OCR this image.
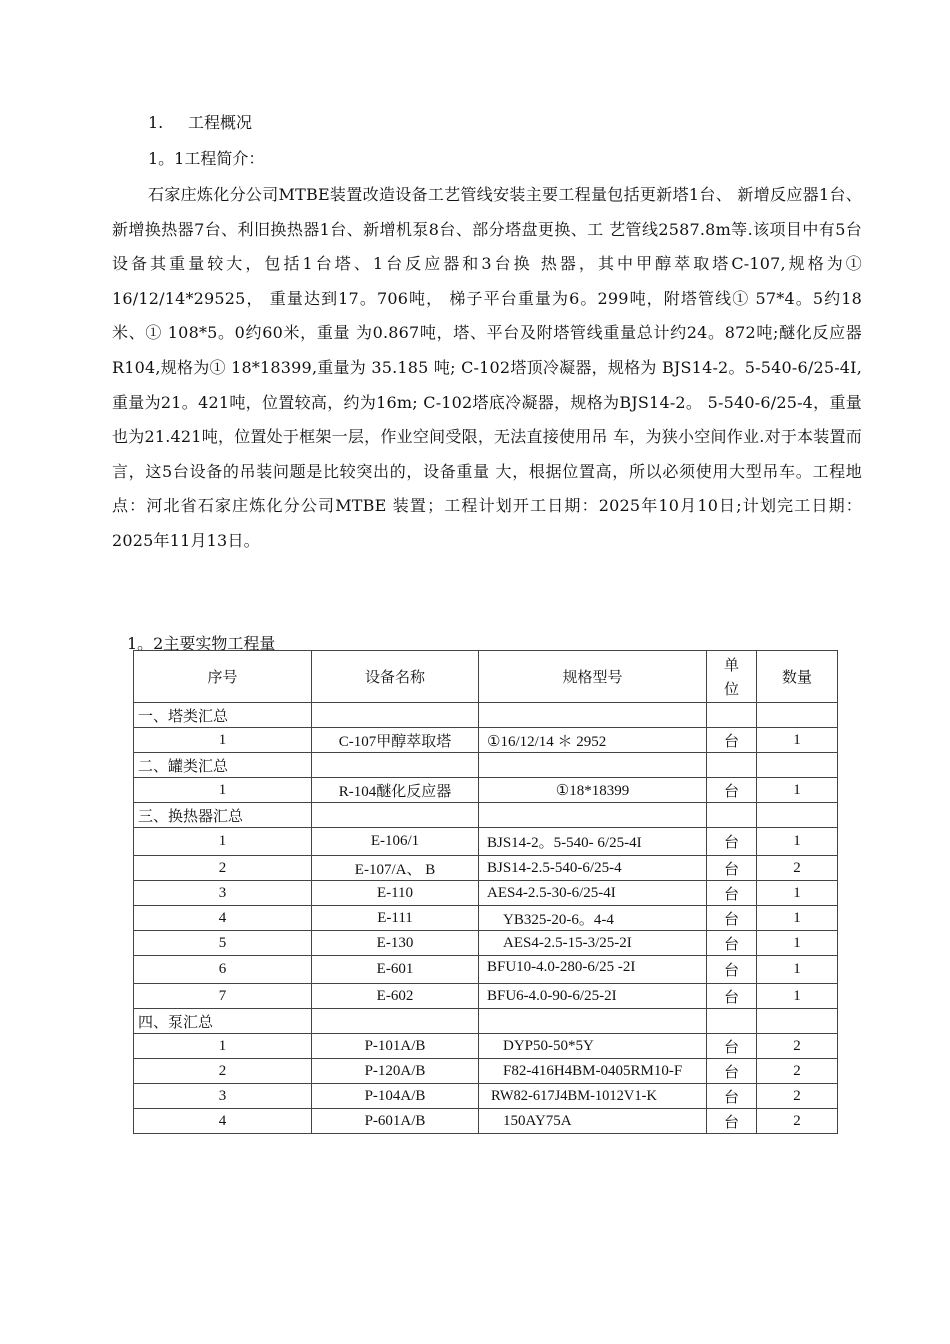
1. 工程概况
1。1工程简介：
石家庄炼化分公司MTBE装置改造设备工艺管线安装主要工程量包括更新塔1台、 新增反应器1台、新增换热器7台、利旧换热器1台、新增机泵8台、部分塔盘更换、工 艺管线2587.8m等.该项目中有5台设备其重量较大，包括1台塔、1台反应器和3台换 热器，其中甲醇萃取塔C-107,规格为① 16/12/14*29525， 重量达到17。706吨， 梯子平台重量为6。299吨，附塔管线① 57*4。5约18米、① 108*5。0约60米，重量 为0.867吨，塔、平台及附塔管线重量总计约24。872吨;醚化反应器R104,规格为① 18*18399,重量为 35.185 吨; C-102塔顶冷凝器，规格为 BJS14-2。5-540-6/25-4I, 重量为21。421吨，位置较高，约为16m; C-102塔底冷凝器，规格为BJS14-2。 5-540-6/25-4，重量也为21.421吨，位置处于框架一层，作业空间受限，无法直接使用吊 车，为狭小空间作业.对于本装置而言，这5台设备的吊装问题是比较突出的，设备重量 大，根据位置高，所以必须使用大型吊车。工程地点：河北省石家庄炼化分公司MTBE 装置；工程计划开工日期：2025年10月10日;计划完工日期：2025年11月13日。
1。2主要实物工程量
序号	设备名称	规格型号	单位	数量
一、塔类汇总				
1	C-107甲醇萃取塔	①16/12/14 ＊ 2952	台	1
二、罐类汇总				
1	R-104醚化反应器	①18*18399	台	1
三、换热器汇总				
1	E-106/1	BJS14-2。5-540- 6/25-4I	台	1
2	E-107/A、 B	BJS14-2.5-540-6/25-4	台	2
3	E-110	AES4-2.5-30-6/25-4I	台	1
4	E-111	YB325-20-6。4-4	台	1
5	E-130	AES4-2.5-15-3/25-2I	台	1
6	E-601	BFU10-4.0-280-6/25 -2I	台	1
7	E-602	BFU6-4.0-90-6/25-2I	台	1
四、泵汇总				
1	P-101A/B	DYP50-50*5Y	台	2
2	P-120A/B	F82-416H4BM-0405RM10-F	台	2
3	P-104A/B	RW82-617J4BM-1012V1-K	台	2
4	P-601A/B	150AY75A	台	2
